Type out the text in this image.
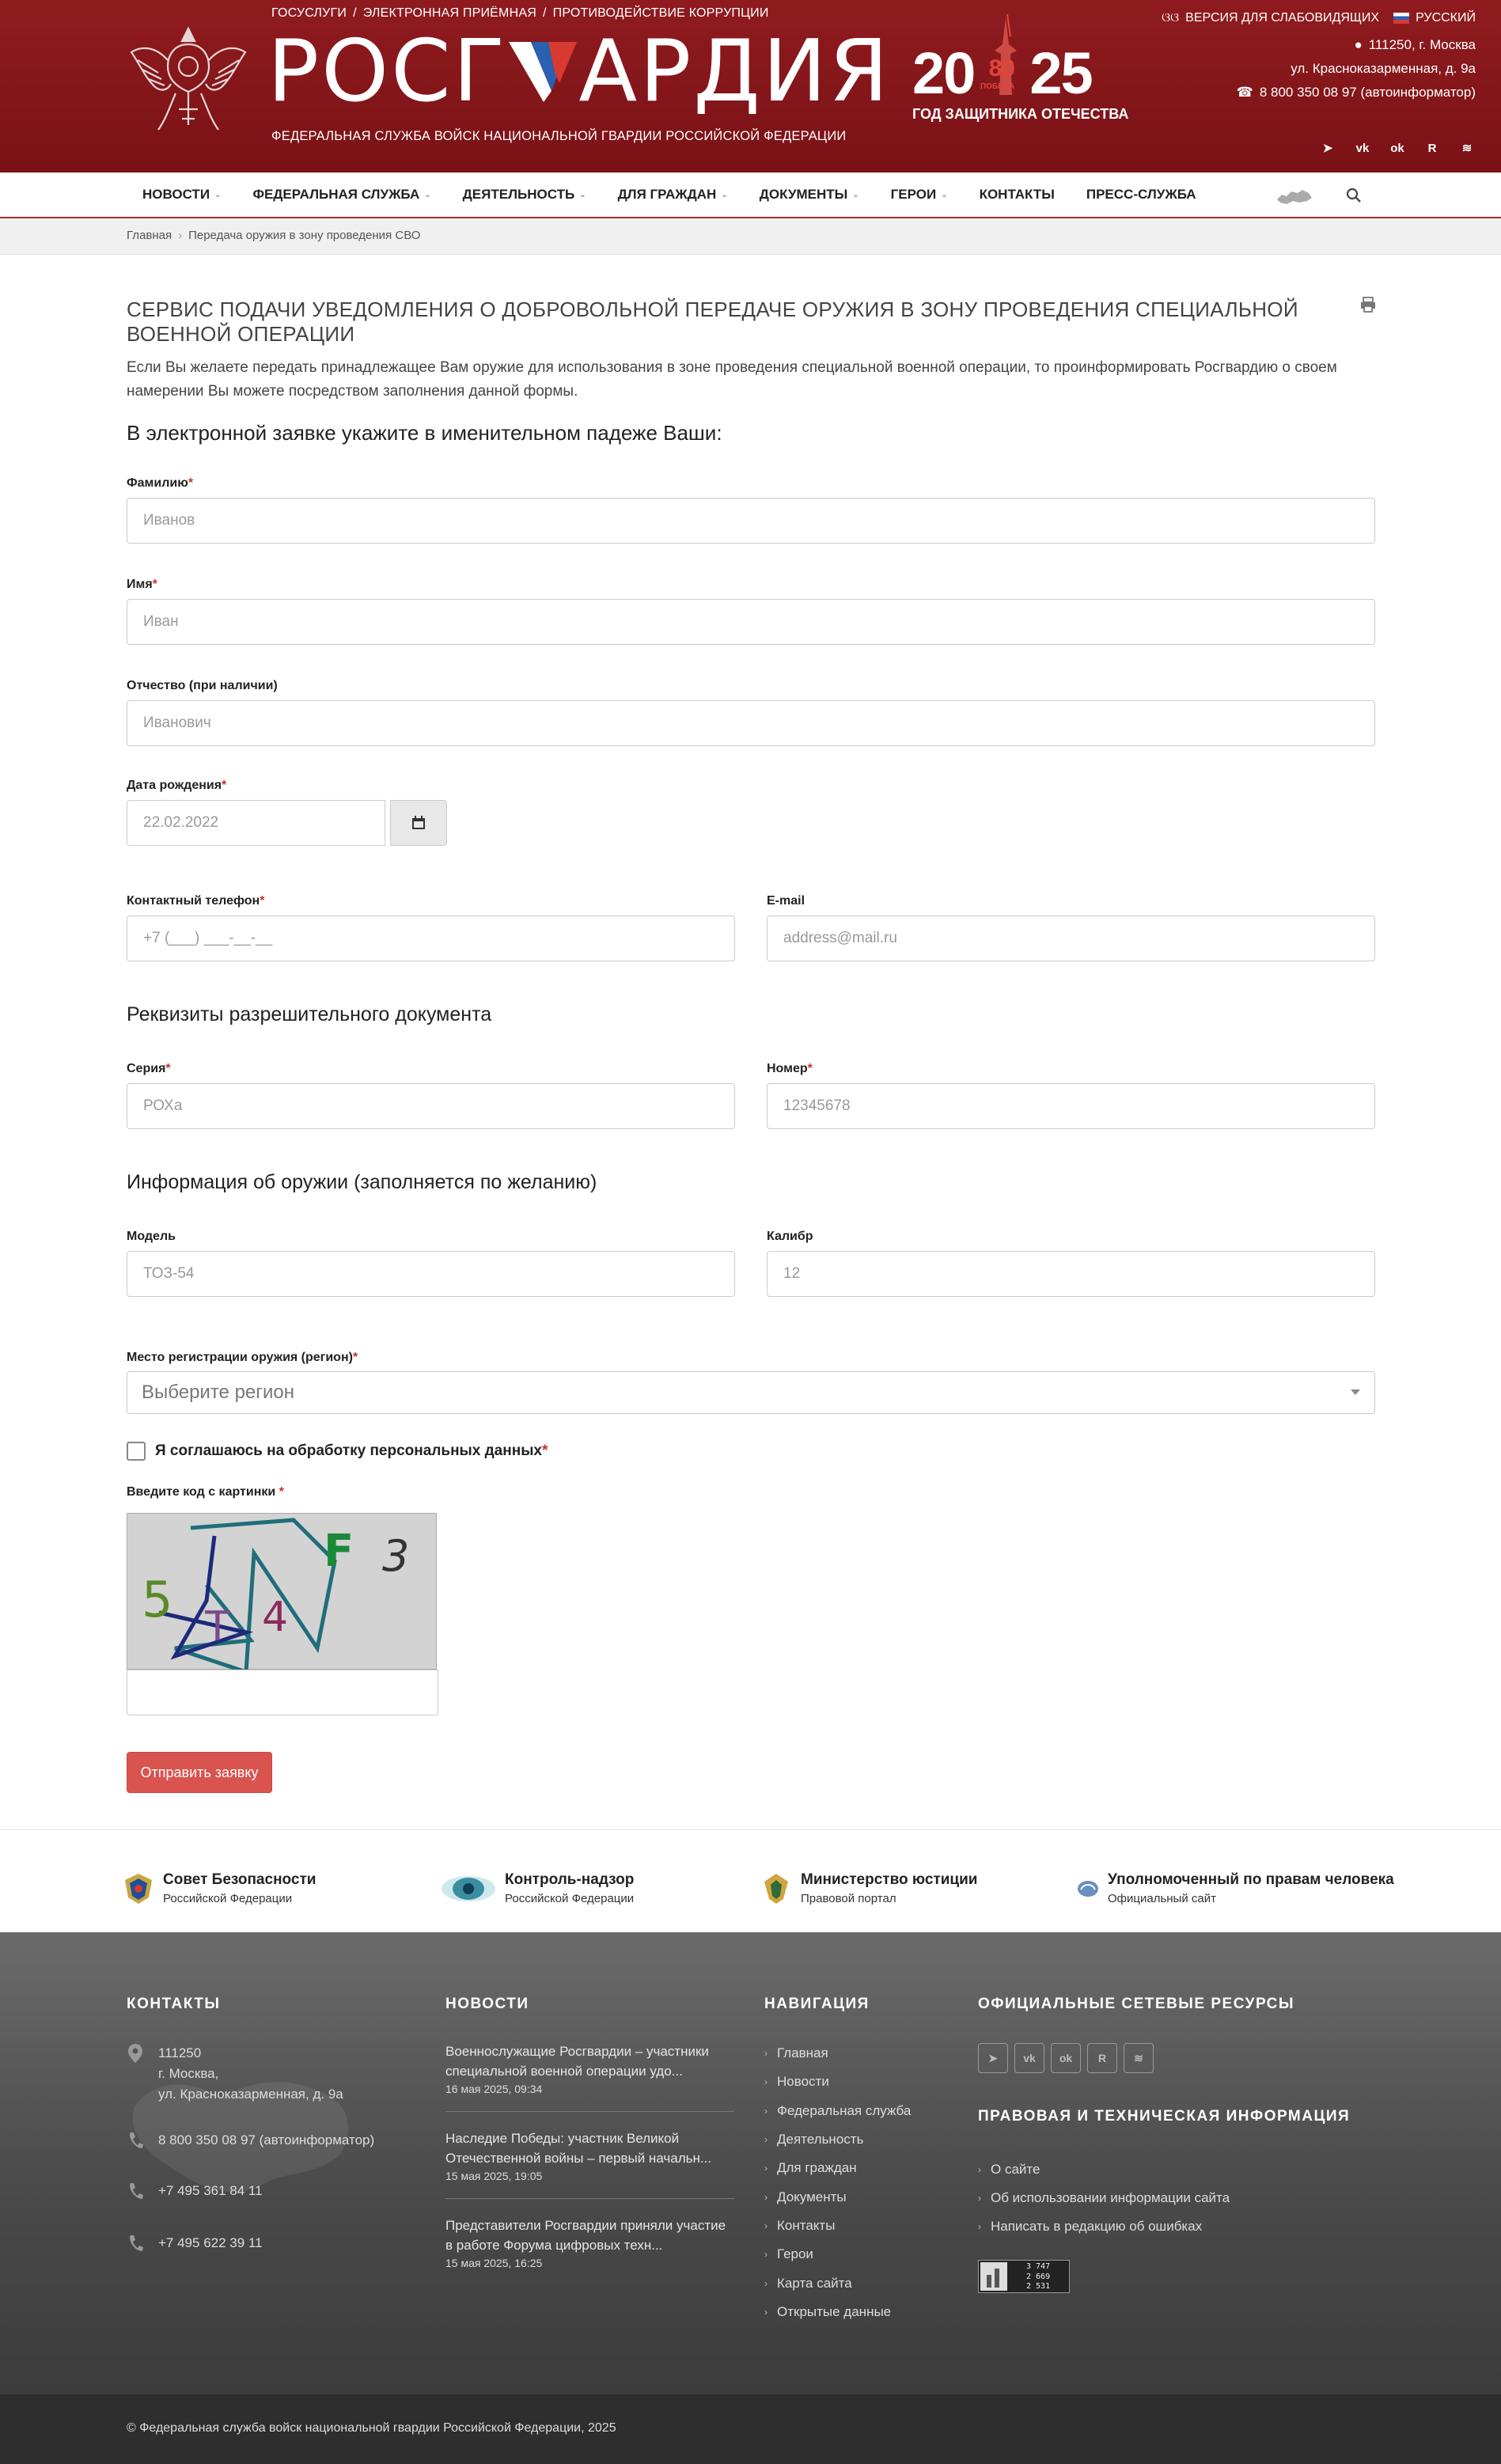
ГОСУСЛУГИ / ЭЛЕКТРОННАЯ ПРИЁМНАЯ / ПРОТИВОДЕЙСТВИЕ КОРРУПЦИИ
РОСГ АРДИЯ
ФЕДЕРАЛЬНАЯ СЛУЖБА ВОЙСК НАЦИОНАЛЬНОЙ ГВАРДИИ РОССИЙСКОЙ ФЕДЕРАЦИИ
20 80 25
ПОБЕДА
ГОД ЗАЩИТНИКА ОТЕЧЕСТВА
ଓଓ ВЕРСИЯ ДЛЯ СЛАБОВИДЯЩИХ	РУССКИЙ
● 111250, г. Москва
ул. Красноказарменная, д. 9а
☎ 8 800 350 08 97 (автоинформатор)
➤	vk ok	R	≋
НОВОСТИ ⌄ ФЕДЕРАЛЬНАЯ СЛУЖБА ⌄ ДЕЯТЕЛЬНОСТЬ ⌄ ДЛЯ ГРАЖДАН ⌄ ДОКУМЕНТЫ ⌄ ГЕРОИ ⌄ КОНТАКТЫ ПРЕСС-СЛУЖБА
Главная › Передача оружия в зону проведения СВО
СЕРВИС ПОДАЧИ УВЕДОМЛЕНИЯ О ДОБРОВОЛЬНОЙ ПЕРЕДАЧЕ ОРУЖИЯ В ЗОНУ ПРОВЕДЕНИЯ СПЕЦИАЛЬНОЙ ВОЕННОЙ ОПЕРАЦИИ

Если Вы желаете передать принадлежащее Вам оружие для использования в зоне проведения специальной военной операции, то проинформировать Росгвардию о своем намерении Вы можете посредством заполнения данной формы.

В электронной заявке укажите в именительном падеже Ваши:
Фамилию*
Иванов
Имя*
Иван
Отчество (при наличии)
Иванович
Дата рождения*
22.02.2022
Контактный телефон*
+7 (___) ___-__-__
E-mail
address@mail.ru
Реквизиты разрешительного документа
Серия*
РОХа
Номер*
12345678
Информация об оружии (заполняется по желанию)
Модель
ТОЗ-54
Калибр
12
Место регистрации оружия (регион)*
Выберите регион
Я соглашаюсь на обработку персональных данных*
Введите код с картинки *
5 4
F 3
T
Отправить заявку
Совет Безопасности
Российской Федерации
Контроль-надзор
Российской Федерации
Министерство юстиции
Правовой портал
Уполномоченный по правам человека
Официальный сайт
КОНТАКТЫ
111250
г. Москва,
ул. Красноказарменная, д. 9а
8 800 350 08 97 (автоинформатор)
+7 495 361 84 11
+7 495 622 39 11
НОВОСТИ
Военнослужащие Росгвардии – участники специальной военной операции удо...
16 мая 2025, 09:34
Наследие Победы: участник Великой Отечественной войны – первый начальн...
15 мая 2025, 19:05
Представители Росгвардии приняли участие в работе Форума цифровых техн...
15 мая 2025, 16:25
НАВИГАЦИЯ
› Главная
› Новости
› Федеральная служба
› Деятельность
› Для граждан
› Документы
› Контакты
› Герои
› Карта сайта
› Открытые данные
ОФИЦИАЛЬНЫЕ СЕТЕВЫЕ РЕСУРСЫ
➤	vk	ok	R	≋
ПРАВОВАЯ И ТЕХНИЧЕСКАЯ ИНФОРМАЦИЯ
› О сайте
› Об использовании информации сайта
› Написать в редакцию об ошибках
3 747
2 669
2 531
© Федеральная служба войск национальной гвардии Российской Федерации, 2025
